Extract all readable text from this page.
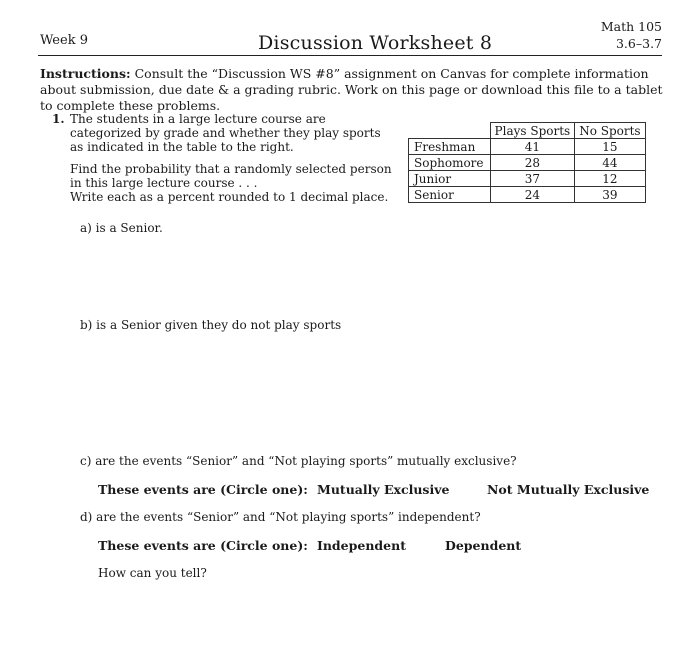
Week 9	Discussion Worksheet 8
Math 105
3.6–3.7
Instructions: Consult the “Discussion WS #8” assignment on Canvas for complete information about submission, due date & a grading rubric. Work on this page or download this file to a tablet to complete these problems.
1. The students in a large lecture course are categorized by grade and whether they play sports as indicated in the table to the right.

Find the probability that a randomly selected person in this large lecture course . . .

Write each as a percent rounded to 1 decimal place.

	Plays Sports	No Sports
Freshman	41	15
Sophomore	28	44
Junior	37	12
Senior	24	39
a) is a Senior.
b) is a Senior given they do not play sports
c) are the events “Senior” and “Not playing sports” mutually exclusive?
These events are (Circle one): Mutually Exclusive	Not Mutually Exclusive
d) are the events “Senior” and “Not playing sports” independent?
These events are (Circle one): Independent	Dependent
How can you tell?
